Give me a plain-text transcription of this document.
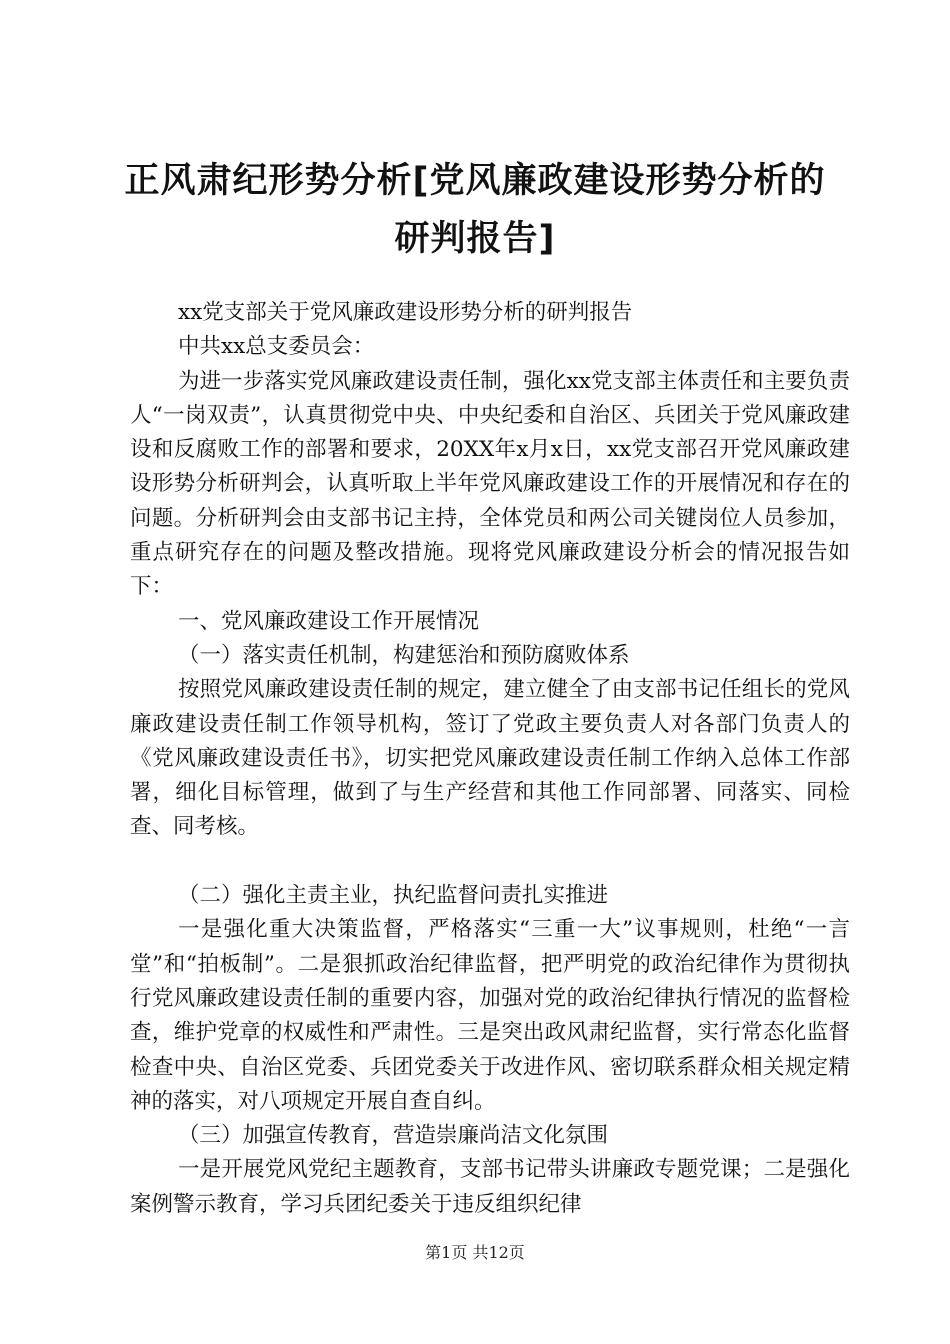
正风肃纪形势分析[党风廉政建设形势分析的
研判报告]

xx党支部关于党风廉政建设形势分析的研判报告

中共xx总支委员会：

为进一步落实党风廉政建设责任制，强化xx党支部主体责任和主要负责人“一岗双责”，认真贯彻党中央、中央纪委和自治区、兵团关于党风廉政建设和反腐败工作的部署和要求，20XX年x月x日，xx党支部召开党风廉政建设形势分析研判会，认真听取上半年党风廉政建设工作的开展情况和存在的问题。分析研判会由支部书记主持，全体党员和两公司关键岗位人员参加，重点研究存在的问题及整改措施。现将党风廉政建设分析会的情况报告如下：

一、党风廉政建设工作开展情况

（一）落实责任机制，构建惩治和预防腐败体系

按照党风廉政建设责任制的规定，建立健全了由支部书记任组长的党风廉政建设责任制工作领导机构，签订了党政主要负责人对各部门负责人的《党风廉政建设责任书》，切实把党风廉政建设责任制工作纳入总体工作部署，细化目标管理，做到了与生产经营和其他工作同部署、同落实、同检查、同考核。

（二）强化主责主业，执纪监督问责扎实推进

一是强化重大决策监督，严格落实“三重一大”议事规则，杜绝“一言堂”和“拍板制”。二是狠抓政治纪律监督，把严明党的政治纪律作为贯彻执行党风廉政建设责任制的重要内容，加强对党的政治纪律执行情况的监督检查，维护党章的权威性和严肃性。三是突出政风肃纪监督，实行常态化监督检查中央、自治区党委、兵团党委关于改进作风、密切联系群众相关规定精神的落实，对八项规定开展自查自纠。

（三）加强宣传教育，营造崇廉尚洁文化氛围

一是开展党风党纪主题教育，支部书记带头讲廉政专题党课；二是强化案例警示教育，学习兵团纪委关于违反组织纪律

第1页 共12页
